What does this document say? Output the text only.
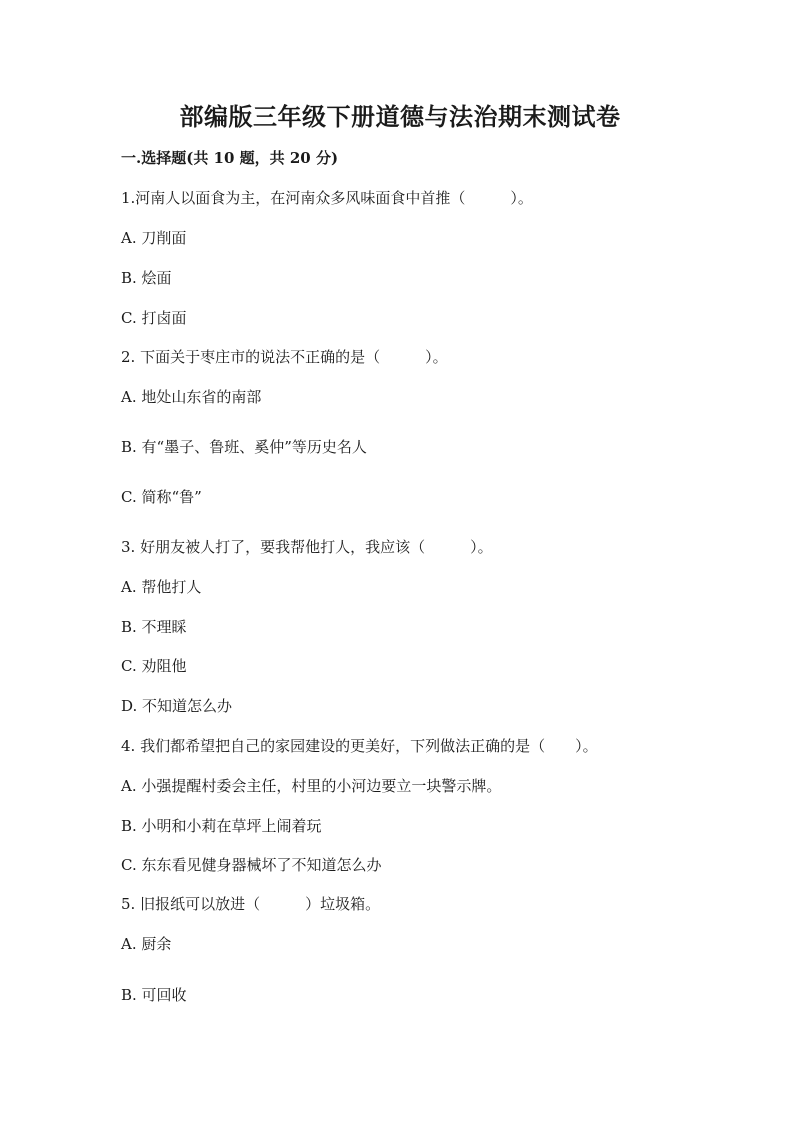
部编版三年级下册道德与法治期末测试卷
一.选择题(共 10 题，共 20 分)
1.河南人以面食为主，在河南众多风味面食中首推（　　　）。
A. 刀削面
B. 烩面
C. 打卤面
2. 下面关于枣庄市的说法不正确的是（　　　）。
A. 地处山东省的南部
B. 有“墨子、鲁班、奚仲”等历史名人
C. 简称“鲁”
3. 好朋友被人打了，要我帮他打人，我应该（　　　）。
A. 帮他打人
B. 不理睬
C. 劝阻他
D. 不知道怎么办
4. 我们都希望把自己的家园建设的更美好，下列做法正确的是（　　）。
A. 小强提醒村委会主任，村里的小河边要立一块警示牌。
B. 小明和小莉在草坪上闹着玩
C. 东东看见健身器械坏了不知道怎么办
5. 旧报纸可以放进（　　　）垃圾箱。
A. 厨余
B. 可回收
